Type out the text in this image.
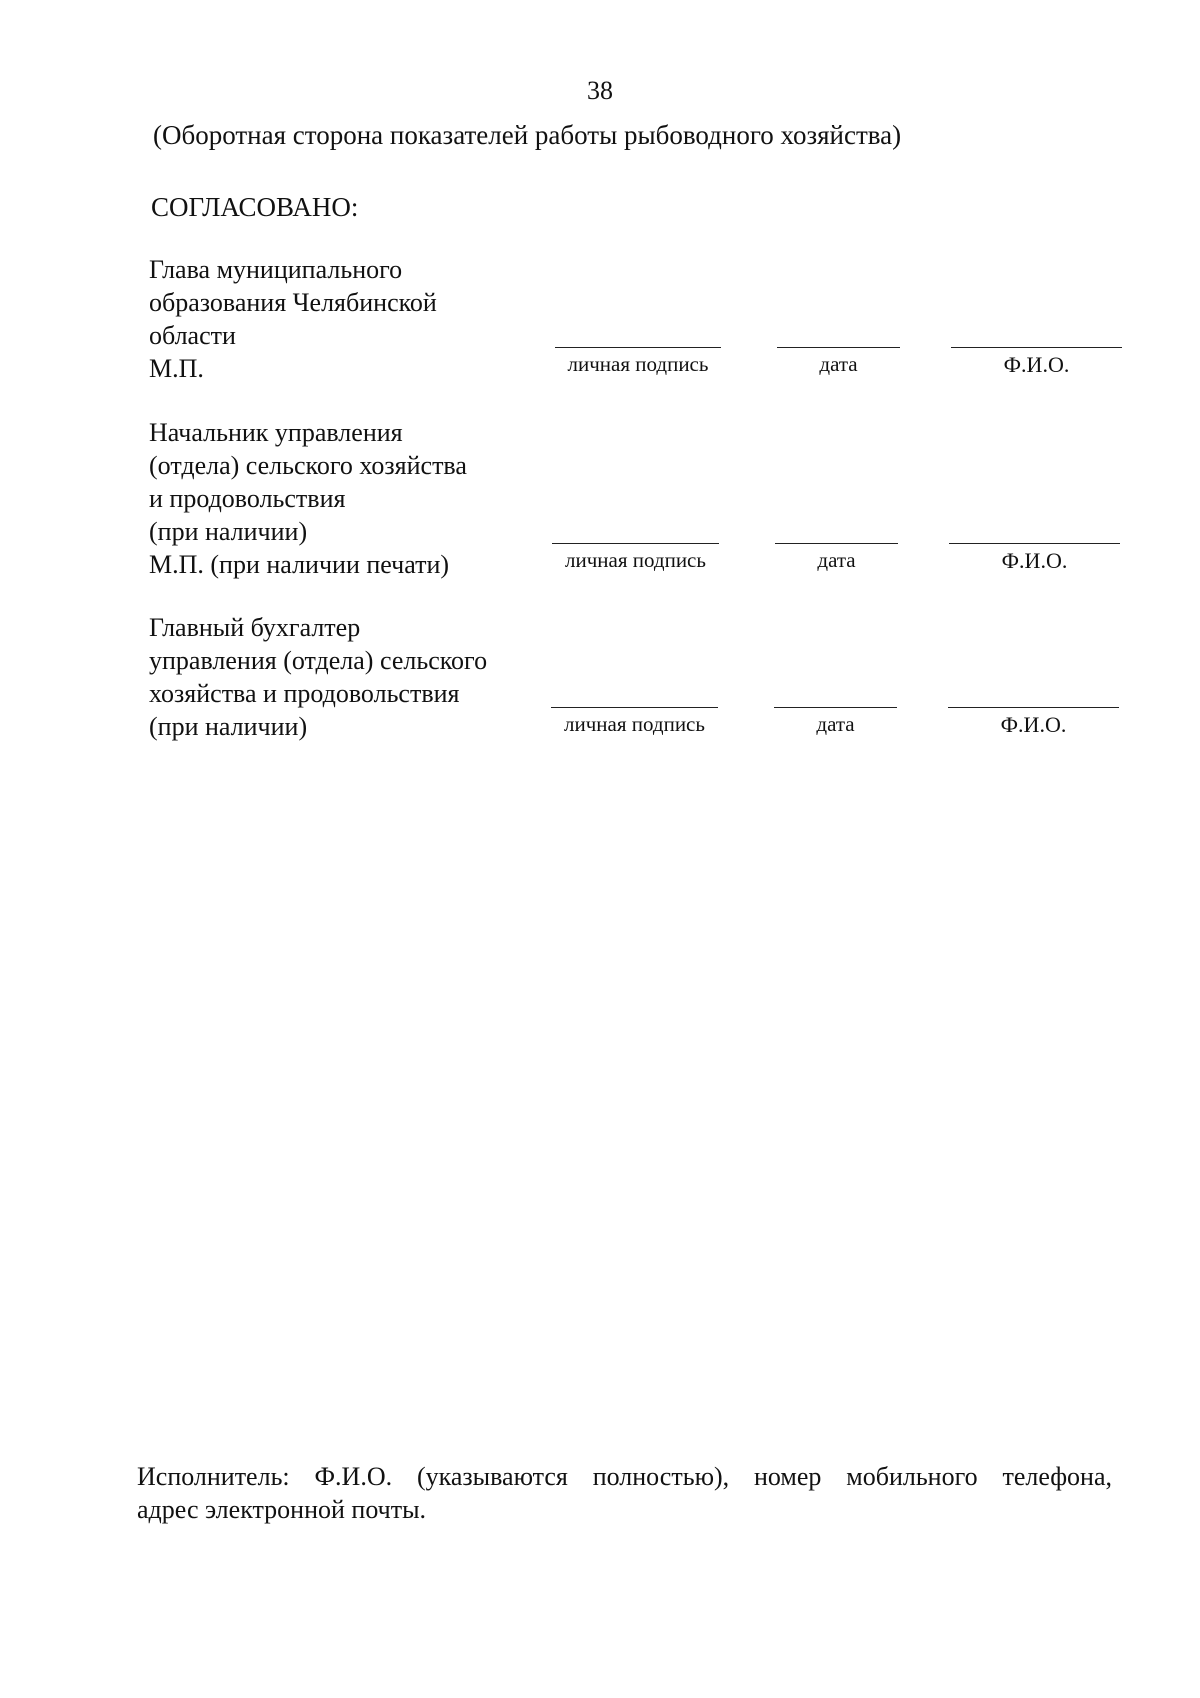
38
(Оборотная сторона показателей работы рыбоводного хозяйства)
СОГЛАСОВАНО:
Глава муниципального
образования Челябинской
области
М.П.	личная подпись	дата	Ф.И.О.
Начальник управления
(отдела) сельского хозяйства
и продовольствия
(при наличии)
М.П. (при наличии печати)	личная подпись	дата	Ф.И.О.
Главный бухгалтер
управления (отдела) сельского
хозяйства и продовольствия
(при наличии)	личная подпись	дата	Ф.И.О.
Исполнитель: Ф.И.О. (указываются полностью), номер мобильного телефона,
адрес электронной почты.
